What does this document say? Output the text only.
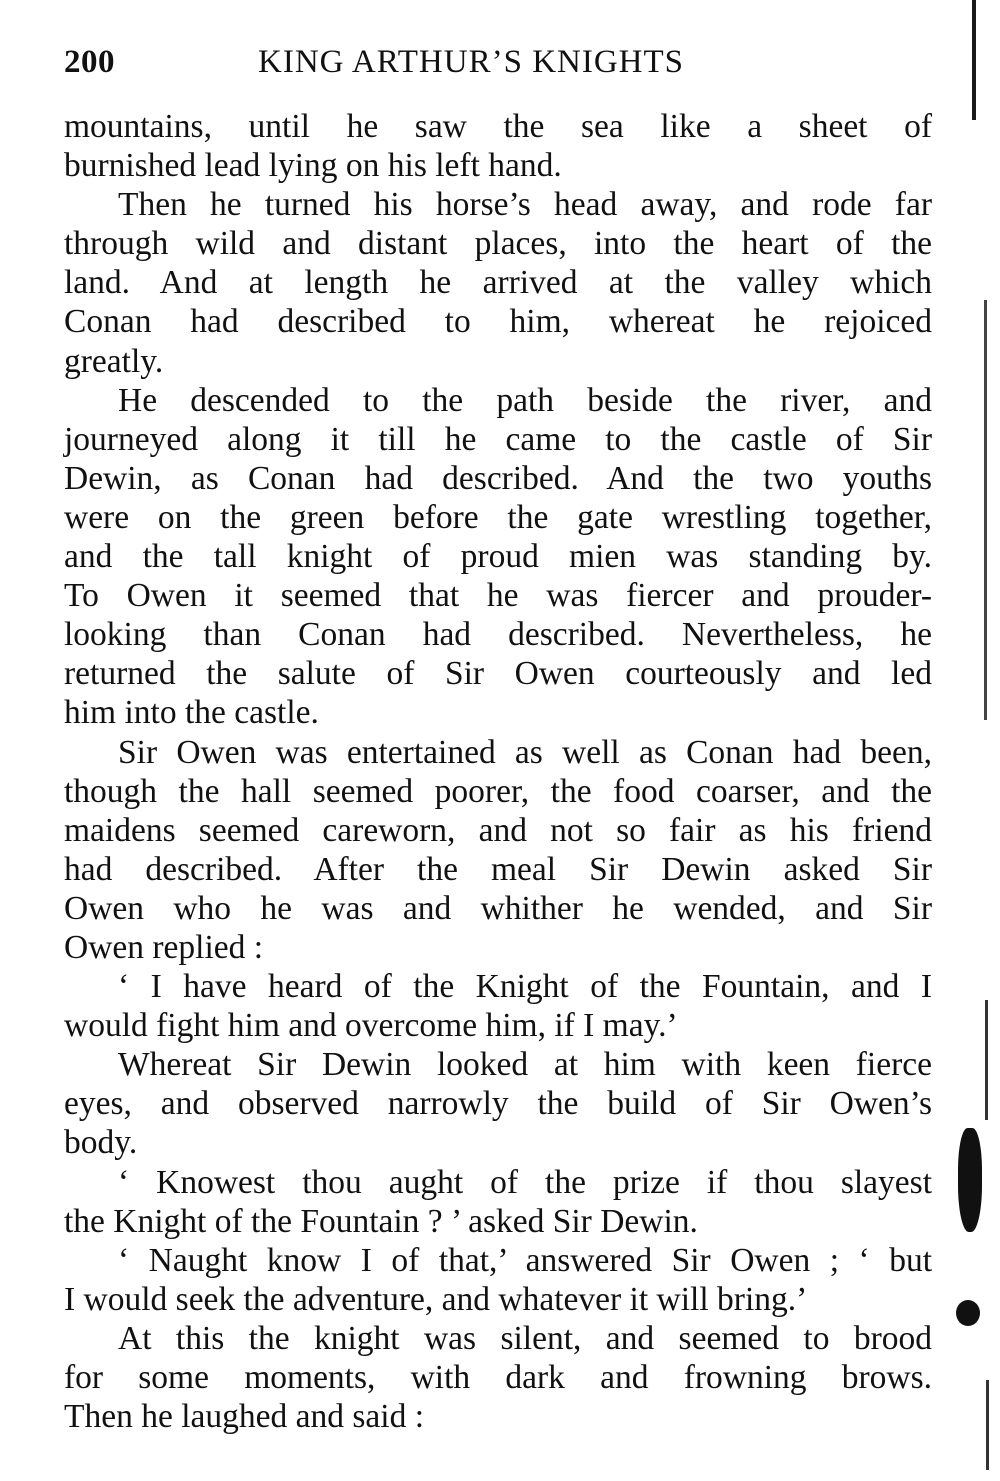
200	KING ARTHUR’S KNIGHTS
mountains, until he saw the sea like a sheet of
burnished lead lying on his left hand.
Then he turned his horse’s head away, and rode far
through wild and distant places, into the heart of the
land. And at length he arrived at the valley which
Conan had described to him, whereat he rejoiced
greatly.
He descended to the path beside the river, and
journeyed along it till he came to the castle of Sir
Dewin, as Conan had described. And the two youths
were on the green before the gate wrestling together,
and the tall knight of proud mien was standing by.
To Owen it seemed that he was fiercer and prouder-
looking than Conan had described. Nevertheless, he
returned the salute of Sir Owen courteously and led
him into the castle.
Sir Owen was entertained as well as Conan had been,
though the hall seemed poorer, the food coarser, and the
maidens seemed careworn, and not so fair as his friend
had described. After the meal Sir Dewin asked Sir
Owen who he was and whither he wended, and Sir
Owen replied :
‘ I have heard of the Knight of the Fountain, and I
would fight him and overcome him, if I may.’
Whereat Sir Dewin looked at him with keen fierce
eyes, and observed narrowly the build of Sir Owen’s
body.
‘ Knowest thou aught of the prize if thou slayest
the Knight of the Fountain ? ’ asked Sir Dewin.
‘ Naught know I of that,’ answered Sir Owen ; ‘ but
I would seek the adventure, and whatever it will bring.’
At this the knight was silent, and seemed to brood
for some moments, with dark and frowning brows.
Then he laughed and said :
